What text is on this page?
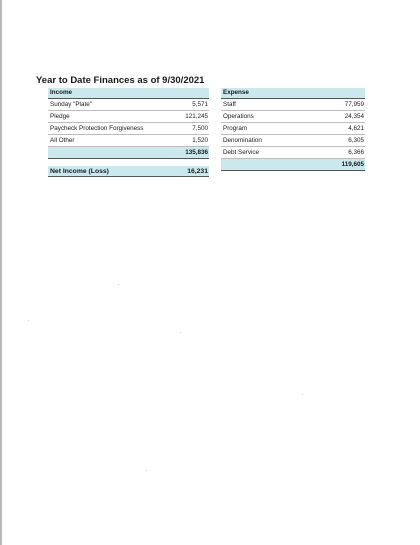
Year to Date Finances as of 9/30/2021
Income
Sunday "Plate"	5,571
Pledge	121,245
Paycheck Protection Forgiveness	7,500
All Other	1,520
135,836
Expense
Staff	77,959
Operations	24,354
Program	4,621
Denomination	6,305
Debt Service	6,366
119,605
Net Income (Loss)	16,231
